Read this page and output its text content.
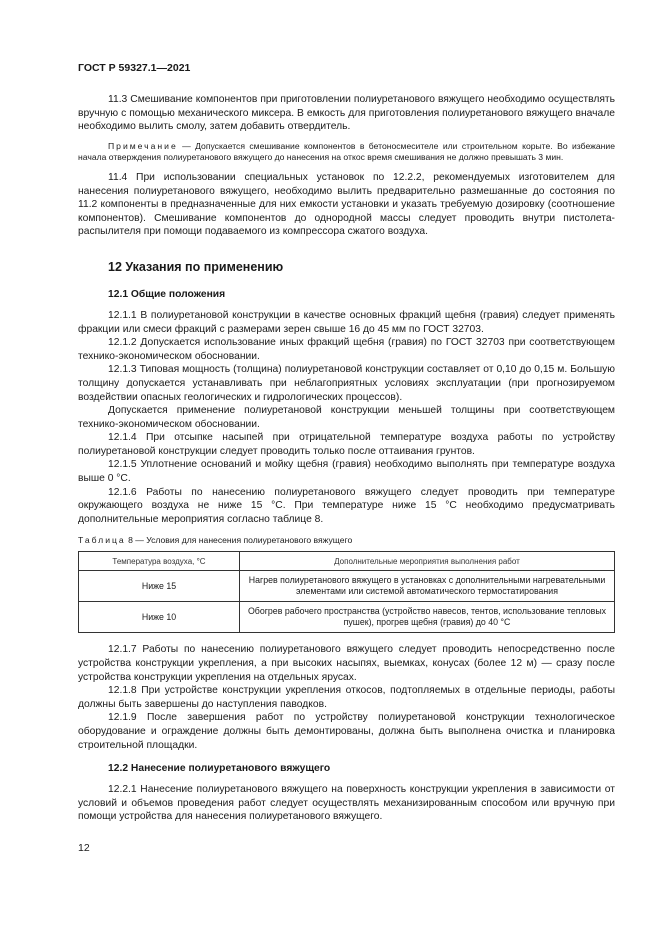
ГОСТ Р 59327.1—2021

11.3 Смешивание компонентов при приготовлении полиуретанового вяжущего необходимо осуществлять вручную с помощью механического миксера. В емкость для приготовления полиуретанового вяжущего вначале необходимо вылить смолу, затем добавить отвердитель.

Примечание — Допускается смешивание компонентов в бетоносмесителе или строительном корыте. Во избежание начала отверждения полиуретанового вяжущего до нанесения на откос время смешивания не должно превышать 3 мин.

11.4 При использовании специальных установок по 12.2.2, рекомендуемых изготовителем для нанесения полиуретанового вяжущего, необходимо вылить предварительно размешанные до состояния по 11.2 компоненты в предназначенные для них емкости установки и указать требуемую дозировку (соотношение компонентов). Смешивание компонентов до однородной массы следует проводить внутри пистолета-распылителя при помощи подаваемого из компрессора сжатого воздуха.

12 Указания по применению
12.1 Общие положения

12.1.1 В полиуретановой конструкции в качестве основных фракций щебня (гравия) следует применять фракции или смеси фракций с размерами зерен свыше 16 до 45 мм по ГОСТ 32703.

12.1.2 Допускается использование иных фракций щебня (гравия) по ГОСТ 32703 при соответствующем технико-экономическом обосновании.

12.1.3 Типовая мощность (толщина) полиуретановой конструкции составляет от 0,10 до 0,15 м. Большую толщину допускается устанавливать при неблагоприятных условиях эксплуатации (при прогнозируемом воздействии опасных геологических и гидрологических процессов).

Допускается применение полиуретановой конструкции меньшей толщины при соответствующем технико-экономическом обосновании.

12.1.4 При отсыпке насыпей при отрицательной температуре воздуха работы по устройству полиуретановой конструкции следует проводить только после оттаивания грунтов.

12.1.5 Уплотнение оснований и мойку щебня (гравия) необходимо выполнять при температуре воздуха выше 0 °С.

12.1.6 Работы по нанесению полиуретанового вяжущего следует проводить при температуре окружающего воздуха не ниже 15 °С. При температуре ниже 15 °С необходимо предусматривать дополнительные мероприятия согласно таблице 8.

Таблица 8 — Условия для нанесения полиуретанового вяжущего
Температура воздуха, °С	Дополнительные мероприятия выполнения работ
Ниже 15	Нагрев полиуретанового вяжущего в установках с дополнительными нагревательными элементами или системой автоматического термостатирования
Ниже 10	Обогрев рабочего пространства (устройство навесов, тентов, использование тепловых пушек), прогрев щебня (гравия) до 40 °С

12.1.7 Работы по нанесению полиуретанового вяжущего следует проводить непосредственно после устройства конструкции укрепления, а при высоких насыпях, выемках, конусах (более 12 м) — сразу после устройства конструкции укрепления на отдельных ярусах.

12.1.8 При устройстве конструкции укрепления откосов, подтопляемых в отдельные периоды, работы должны быть завершены до наступления паводков.

12.1.9 После завершения работ по устройству полиуретановой конструкции технологическое оборудование и ограждение должны быть демонтированы, должна быть выполнена очистка и планировка строительной площадки.

12.2 Нанесение полиуретанового вяжущего

12.2.1 Нанесение полиуретанового вяжущего на поверхность конструкции укрепления в зависимости от условий и объемов проведения работ следует осуществлять механизированным способом или вручную при помощи устройства для нанесения полиуретанового вяжущего.

12
